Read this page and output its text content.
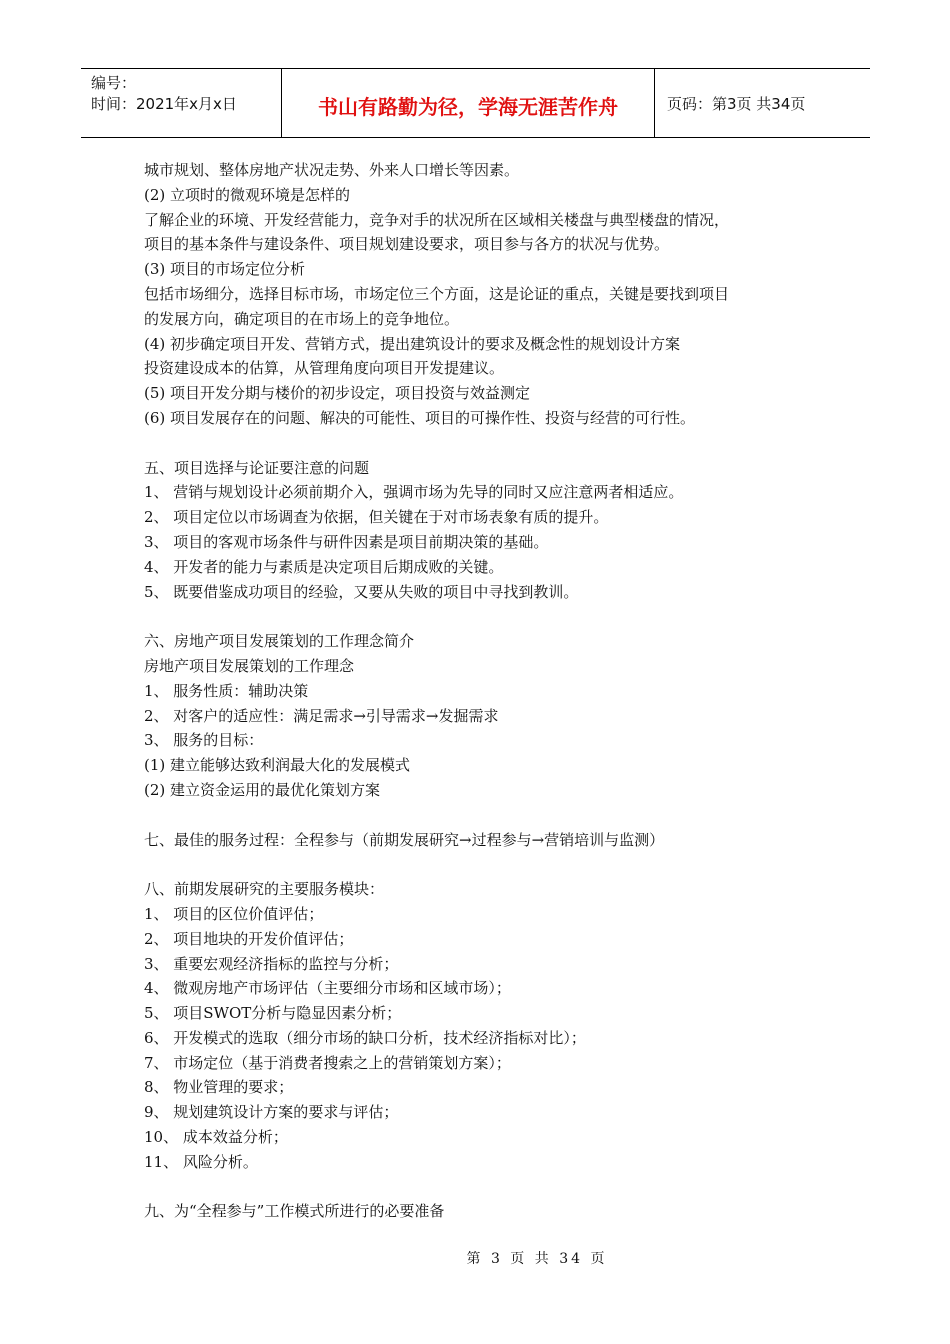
编号：
时间：2021年x月x日	书山有路勤为径，学海无涯苦作舟	页码：第3页 共34页
城市规划、整体房地产状况走势、外来人口增长等因素。
(2) 立项时的微观环境是怎样的
了解企业的环境、开发经营能力，竞争对手的状况所在区域相关楼盘与典型楼盘的情况，
项目的基本条件与建设条件、项目规划建设要求，项目参与各方的状况与优势。
(3) 项目的市场定位分析
包括市场细分，选择目标市场，市场定位三个方面，这是论证的重点，关键是要找到项目
的发展方向，确定项目的在市场上的竞争地位。
(4) 初步确定项目开发、营销方式，提出建筑设计的要求及概念性的规划设计方案
投资建设成本的估算，从管理角度向项目开发提建议。
(5) 项目开发分期与楼价的初步设定，项目投资与效益测定
(6) 项目发展存在的问题、解决的可能性、项目的可操作性、投资与经营的可行性。
五、项目选择与论证要注意的问题
1、 营销与规划设计必须前期介入，强调市场为先导的同时又应注意两者相适应。
2、 项目定位以市场调查为依据，但关键在于对市场表象有质的提升。
3、 项目的客观市场条件与研件因素是项目前期决策的基础。
4、 开发者的能力与素质是决定项目后期成败的关键。
5、 既要借鉴成功项目的经验，又要从失败的项目中寻找到教训。
六、房地产项目发展策划的工作理念简介
房地产项目发展策划的工作理念
1、 服务性质：辅助决策
2、 对客户的适应性：满足需求→引导需求→发掘需求
3、 服务的目标：
(1) 建立能够达致利润最大化的发展模式
(2) 建立资金运用的最优化策划方案
七、最佳的服务过程：全程参与（前期发展研究→过程参与→营销培训与监测）
八、前期发展研究的主要服务模块：
1、 项目的区位价值评估；
2、 项目地块的开发价值评估；
3、 重要宏观经济指标的监控与分析；
4、 微观房地产市场评估（主要细分市场和区域市场）；
5、 项目SWOT分析与隐显因素分析；
6、 开发模式的选取（细分市场的缺口分析，技术经济指标对比）；
7、 市场定位（基于消费者搜索之上的营销策划方案）；
8、 物业管理的要求；
9、 规划建筑设计方案的要求与评估；
10、 成本效益分析；
11、 风险分析。
九、为“全程参与”工作模式所进行的必要准备
第 3 页 共 34 页
